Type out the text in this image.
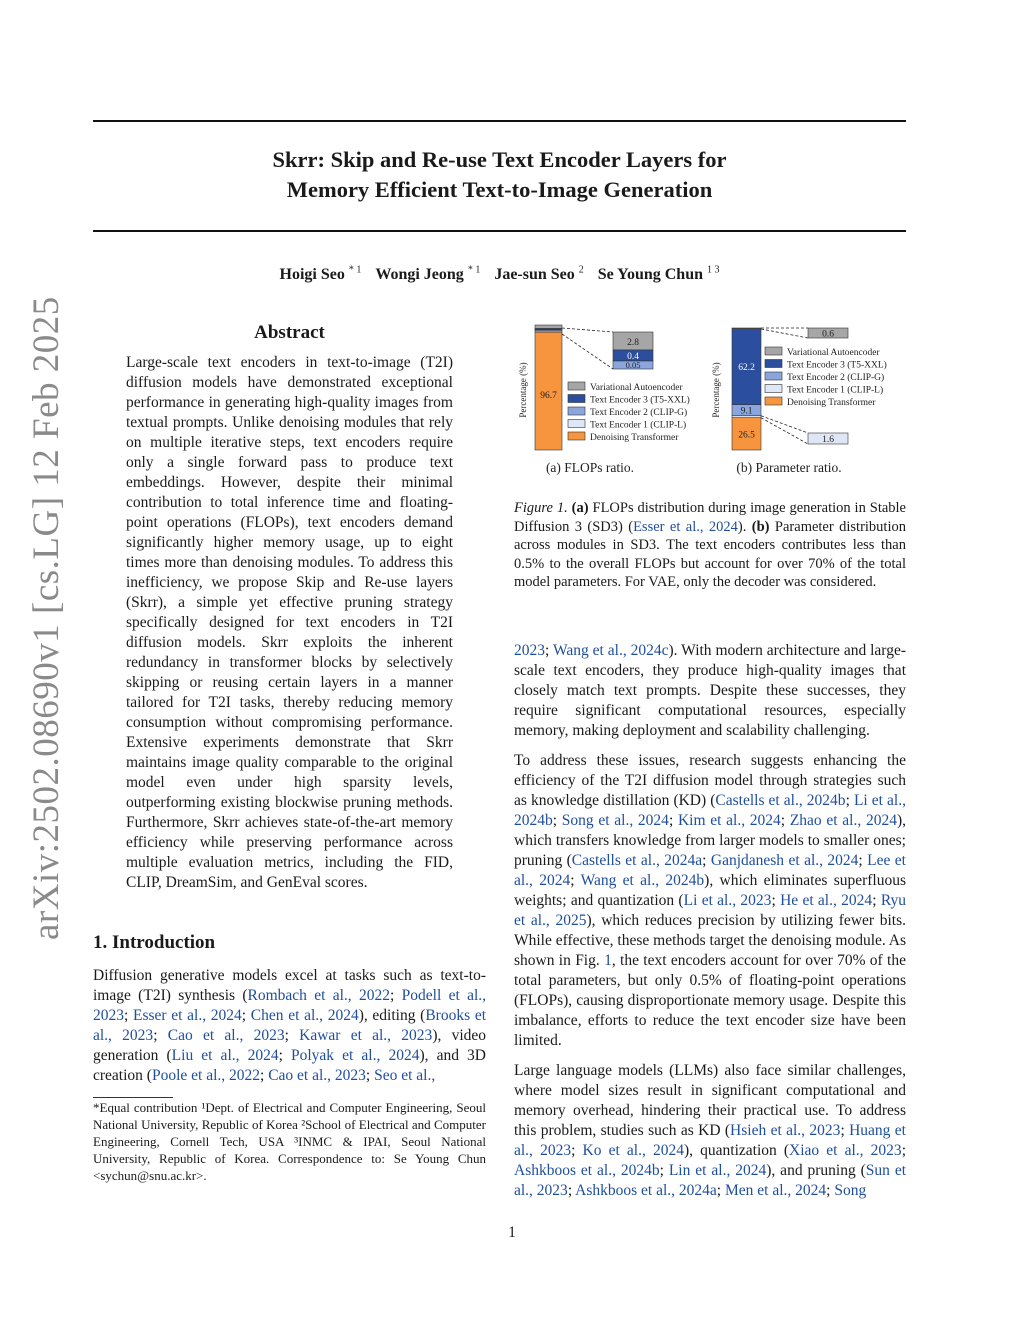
arXiv:2502.08690v1 [cs.LG] 12 Feb 2025
Skrr: Skip and Re-use Text Encoder Layers for
Memory Efficient Text-to-Image Generation
Hoigi Seo $^{* 1}$ Wongi Jeong $^{* 1}$ Jae-sun Seo $^2$ Se Young Chun $^{1 3}$
Abstract
Large-scale text encoders in text-to-image (T2I) diffusion models have demonstrated exceptional performance in generating high-quality images from textual prompts. Unlike denoising modules that rely on multiple iterative steps, text encoders require only a single forward pass to produce text embeddings. However, despite their minimal contribution to total inference time and floating-point operations (FLOPs), text encoders demand significantly higher memory usage, up to eight times more than denoising modules. To address this inefficiency, we propose Skip and Re-use layers (Skrr), a simple yet effective pruning strategy specifically designed for text encoders in T2I diffusion models. Skrr exploits the inherent redundancy in transformer blocks by selectively skipping or reusing certain layers in a manner tailored for T2I tasks, thereby reducing memory consumption without compromising performance. Extensive experiments demonstrate that Skrr maintains image quality comparable to the original model even under high sparsity levels, outperforming existing blockwise pruning methods. Furthermore, Skrr achieves state-of-the-art memory efficiency while preserving performance across multiple evaluation metrics, including the FID, CLIP, DreamSim, and GenEval scores.
1. Introduction

Diffusion generative models excel at tasks such as text-to-image (T2I) synthesis (Rombach et al., 2022; Podell et al., 2023; Esser et al., 2024; Chen et al., 2024), editing (Brooks et al., 2023; Cao et al., 2023; Kawar et al., 2023), video generation (Liu et al., 2024; Polyak et al., 2024), and 3D creation (Poole et al., 2022; Cao et al., 2023; Seo et al.,

*Equal contribution ¹Dept. of Electrical and Computer Engineering, Seoul National University, Republic of Korea ²School of Electrical and Computer Engineering, Cornell Tech, USA ³INMC & IPAI, Seoul National University, Republic of Korea. Correspondence to: Se Young Chun <sychun@snu.ac.kr>.
96.7
Percentage (%)
2.8
0.4
0.05
Variational Autoencoder
Text Encoder 3 (T5-XXL)
Text Encoder 2 (CLIP-G)
Text Encoder 1 (CLIP-L)
Denoising Transformer
(a) FLOPs ratio.
62.2
9.1
26.5
Percentage (%)
0.6
1.6
Variational Autoencoder
Text Encoder 3 (T5-XXL)
Text Encoder 2 (CLIP-G)
Text Encoder 1 (CLIP-L)
Denoising Transformer
(b) Parameter ratio.

Figure 1. (a) FLOPs distribution during image generation in Stable Diffusion 3 (SD3) (Esser et al., 2024). (b) Parameter distribution across modules in SD3. The text encoders contributes less than 0.5% to the overall FLOPs but account for over 70% of the total model parameters. For VAE, only the decoder was considered.

2023; Wang et al., 2024c). With modern architecture and large-scale text encoders, they produce high-quality images that closely match text prompts. Despite these successes, they require significant computational resources, especially memory, making deployment and scalability challenging.

To address these issues, research suggests enhancing the efficiency of the T2I diffusion model through strategies such as knowledge distillation (KD) (Castells et al., 2024b; Li et al., 2024b; Song et al., 2024; Kim et al., 2024; Zhao et al., 2024), which transfers knowledge from larger models to smaller ones; pruning (Castells et al., 2024a; Ganjdanesh et al., 2024; Lee et al., 2024; Wang et al., 2024b), which eliminates superfluous weights; and quantization (Li et al., 2023; He et al., 2024; Ryu et al., 2025), which reduces precision by utilizing fewer bits. While effective, these methods target the denoising module. As shown in Fig. 1, the text encoders account for over 70% of the total parameters, but only 0.5% of floating-point operations (FLOPs), causing disproportionate memory usage. Despite this imbalance, efforts to reduce the text encoder size have been limited.

Large language models (LLMs) also face similar challenges, where model sizes result in significant computational and memory overhead, hindering their practical use. To address this problem, studies such as KD (Hsieh et al., 2023; Huang et al., 2023; Ko et al., 2024), quantization (Xiao et al., 2023; Ashkboos et al., 2024b; Lin et al., 2024), and pruning (Sun et al., 2023; Ashkboos et al., 2024a; Men et al., 2024; Song

1
